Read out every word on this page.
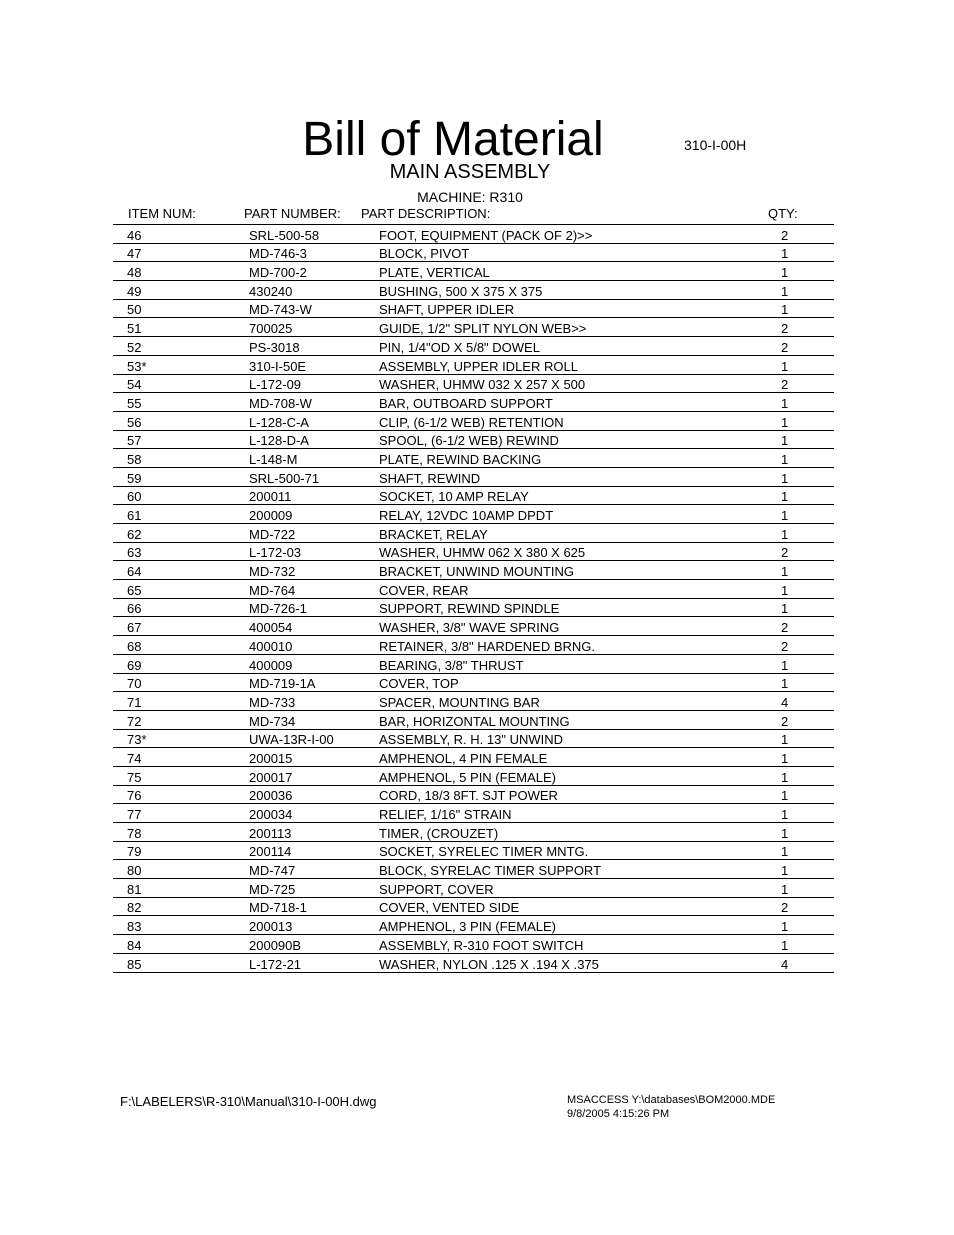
Bill of Material	310-I-00H
MAIN ASSEMBLY
MACHINE: R310
ITEM NUM:	PART NUMBER: PART DESCRIPTION:	QTY:
46	SRL-500-58	FOOT, EQUIPMENT (PACK OF 2)>>	2
47	MD-746-3	BLOCK, PIVOT	1
48	MD-700-2	PLATE, VERTICAL	1
49	430240	BUSHING, 500 X 375 X 375	1
50	MD-743-W	SHAFT, UPPER IDLER	1
51	700025	GUIDE, 1/2" SPLIT NYLON WEB>>	2
52	PS-3018	PIN, 1/4"OD X 5/8" DOWEL	2
53*	310-I-50E	ASSEMBLY, UPPER IDLER ROLL	1
54	L-172-09	WASHER, UHMW 032 X 257 X 500	2
55	MD-708-W	BAR, OUTBOARD SUPPORT	1
56	L-128-C-A	CLIP, (6-1/2 WEB) RETENTION	1
57	L-128-D-A	SPOOL, (6-1/2 WEB) REWIND	1
58	L-148-M	PLATE, REWIND BACKING	1
59	SRL-500-71	SHAFT, REWIND	1
60	200011	SOCKET, 10 AMP RELAY	1
61	200009	RELAY, 12VDC 10AMP DPDT	1
62	MD-722	BRACKET, RELAY	1
63	L-172-03	WASHER, UHMW 062 X 380 X 625	2
64	MD-732	BRACKET, UNWIND MOUNTING	1
65	MD-764	COVER, REAR	1
66	MD-726-1	SUPPORT, REWIND SPINDLE	1
67	400054	WASHER, 3/8" WAVE SPRING	2
68	400010	RETAINER, 3/8" HARDENED BRNG.	2
69	400009	BEARING, 3/8" THRUST	1
70	MD-719-1A	COVER, TOP	1
71	MD-733	SPACER, MOUNTING BAR	4
72	MD-734	BAR, HORIZONTAL MOUNTING	2
73*	UWA-13R-I-00	ASSEMBLY, R. H. 13" UNWIND	1
74	200015	AMPHENOL, 4 PIN FEMALE	1
75	200017	AMPHENOL, 5 PIN (FEMALE)	1
76	200036	CORD, 18/3 8FT. SJT POWER	1
77	200034	RELIEF, 1/16" STRAIN	1
78	200113	TIMER, (CROUZET)	1
79	200114	SOCKET, SYRELEC TIMER MNTG.	1
80	MD-747	BLOCK, SYRELAC TIMER SUPPORT	1
81	MD-725	SUPPORT, COVER	1
82	MD-718-1	COVER, VENTED SIDE	2
83	200013	AMPHENOL, 3 PIN (FEMALE)	1
84	200090B	ASSEMBLY, R-310 FOOT SWITCH	1
85	L-172-21	WASHER, NYLON .125 X .194 X .375	4
F:\LABELERS\R-310\Manual\310-I-00H.dwg	MSACCESS Y:\databases\BOM2000.MDE
9/8/2005 4:15:26 PM
